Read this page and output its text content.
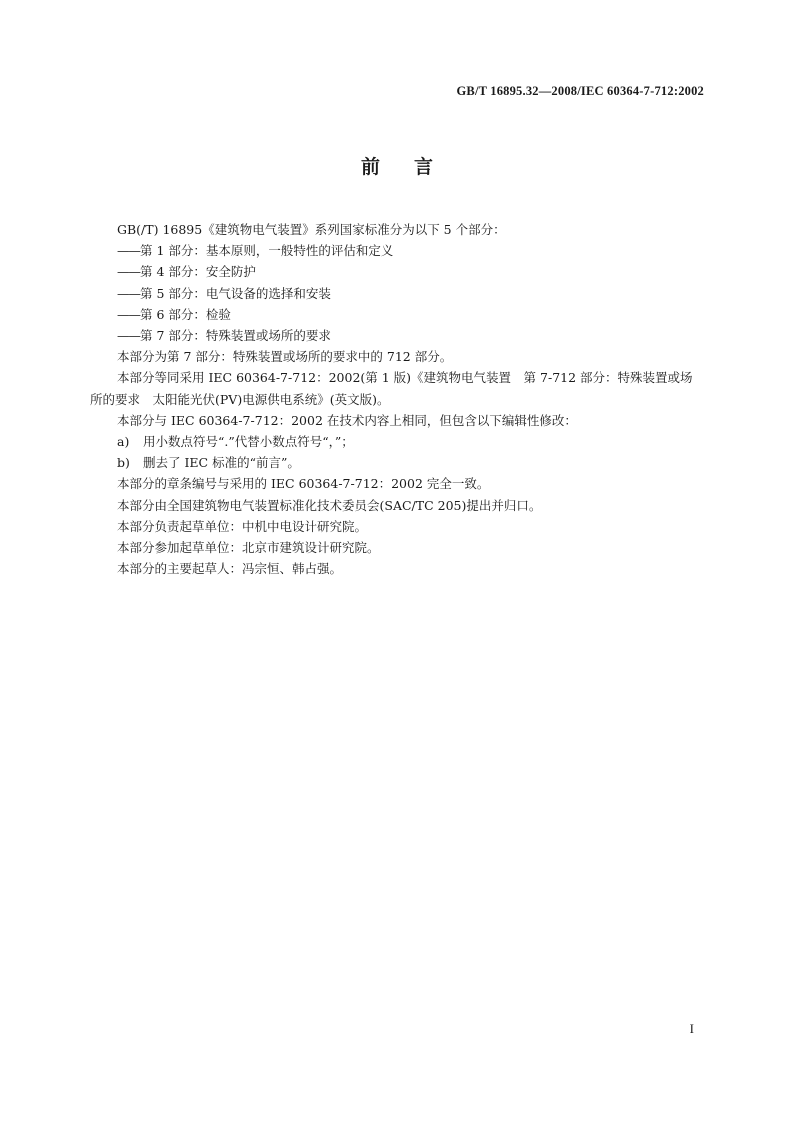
GB/T 16895.32—2008/IEC 60364-7-712:2002
前言

GB(/T) 16895《建筑物电气装置》系列国家标准分为以下 5 个部分：

——第 1 部分：基本原则，一般特性的评估和定义

——第 4 部分：安全防护

——第 5 部分：电气设备的选择和安装

——第 6 部分：检验

——第 7 部分：特殊装置或场所的要求

本部分为第 7 部分：特殊装置或场所的要求中的 712 部分。

本部分等同采用 IEC 60364-7-712：2002(第 1 版)《建筑物电气装置　第 7-712 部分：特殊装置或场所的要求　太阳能光伏(PV)电源供电系统》(英文版)。

本部分与 IEC 60364-7-712：2002 在技术内容上相同，但包含以下编辑性修改：

a) 用小数点符号“.”代替小数点符号“，”；

b) 删去了 IEC 标准的“前言”。

本部分的章条编号与采用的 IEC 60364-7-712：2002 完全一致。

本部分由全国建筑物电气装置标准化技术委员会(SAC/TC 205)提出并归口。

本部分负责起草单位：中机中电设计研究院。

本部分参加起草单位：北京市建筑设计研究院。

本部分的主要起草人：冯宗恒、韩占强。

I
